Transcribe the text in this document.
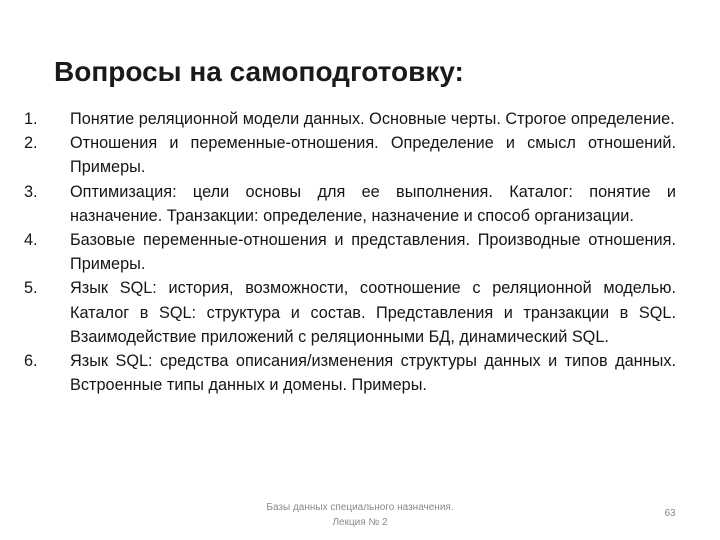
Вопросы на самоподготовку:
1.	Понятие реляционной модели данных. Основные черты. Строгое определение.
2.	Отношения и переменные-отношения. Определение и смысл отношений. Примеры.
3.	Оптимизация: цели основы для ее выполнения. Каталог: понятие и назначение. Транзакции: определение, назначение и способ организации.
4.	Базовые переменные-отношения и представления. Производные отношения. Примеры.
5.	Язык SQL: история, возможности, соотношение с реляционной моделью. Каталог в SQL: структура и состав. Представления и транзакции в SQL. Взаимодействие приложений с реляционными БД, динамический SQL.
6.	Язык SQL: средства описания/изменения структуры данных и типов данных. Встроенные типы данных и домены. Примеры.
Базы данных специального назначения.
Лекция № 2
63
